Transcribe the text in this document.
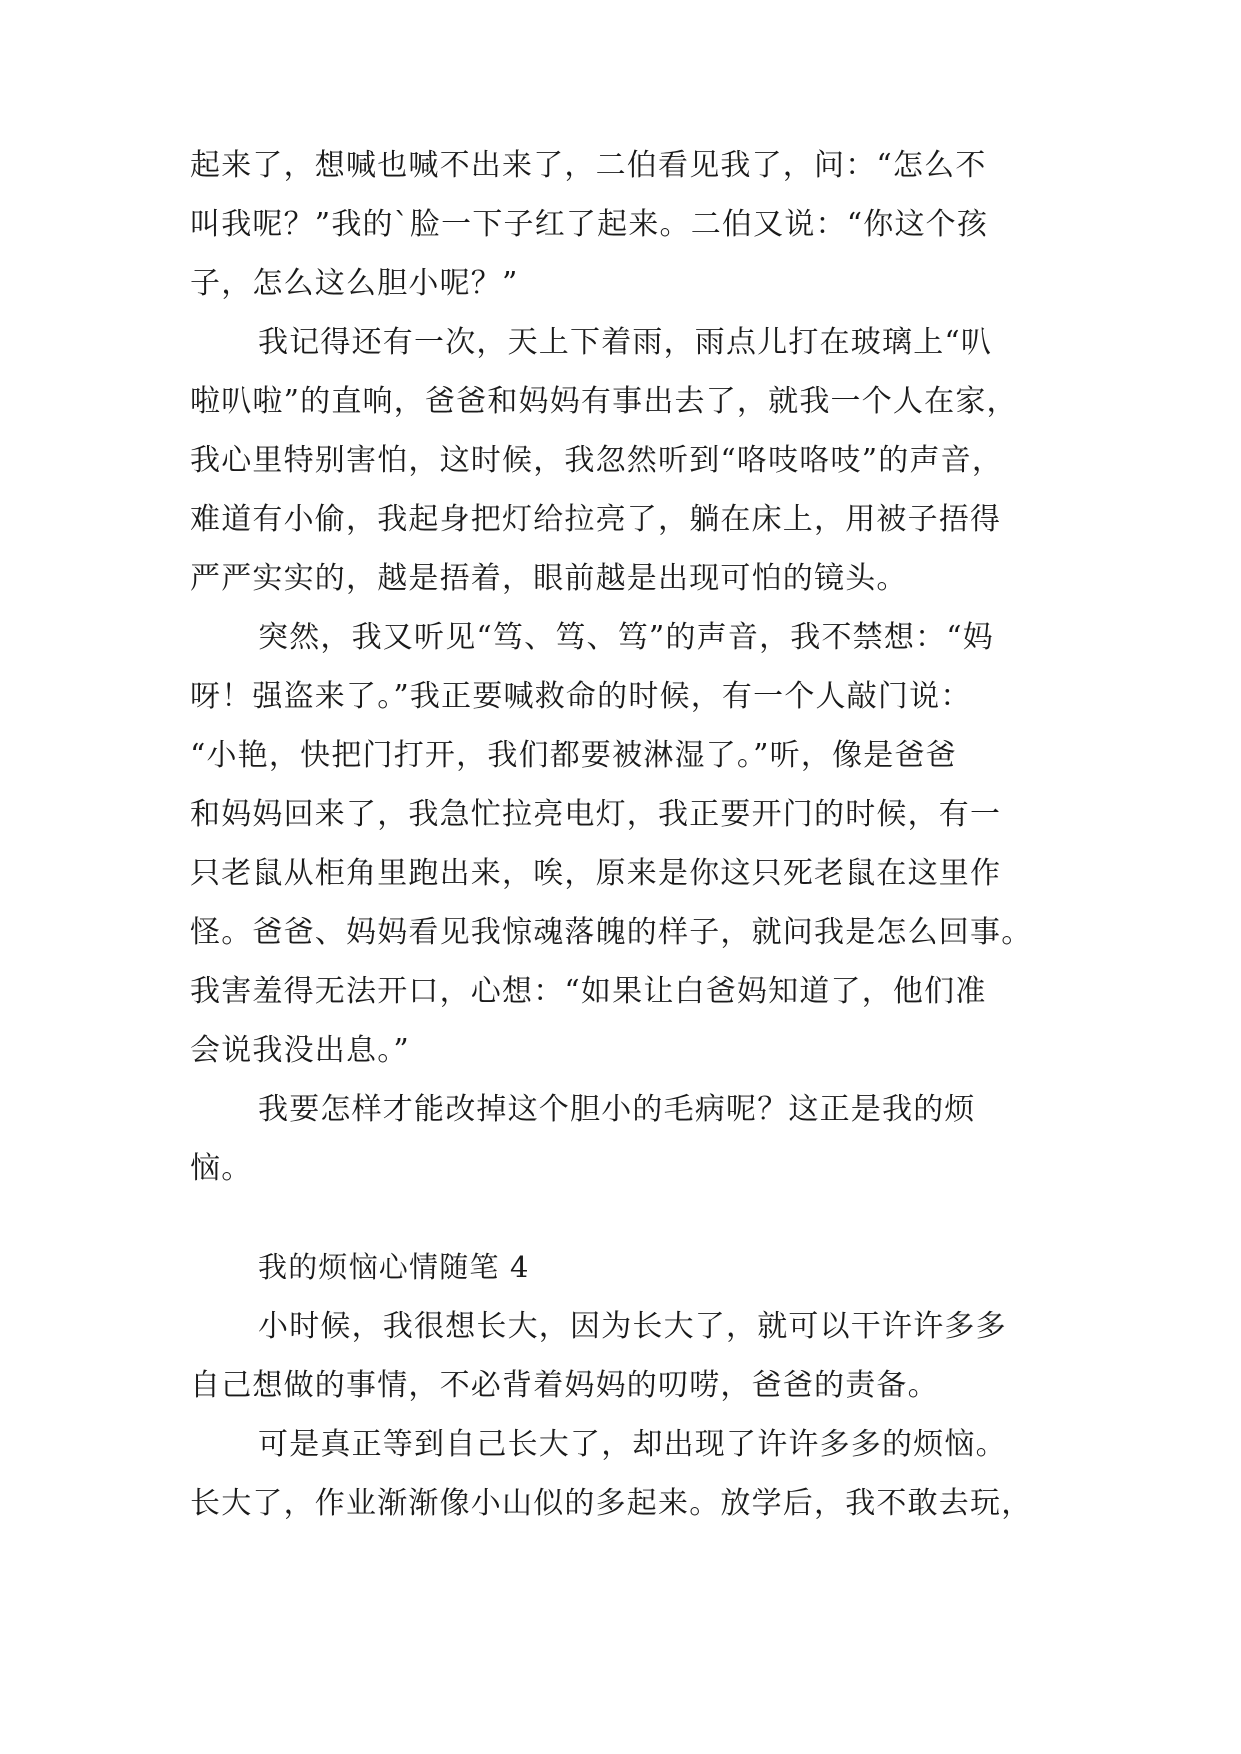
起来了，想喊也喊不出来了，二伯看见我了，问：“怎么不
叫我呢？”我的`脸一下子红了起来。二伯又说：“你这个孩
子，怎么这么胆小呢？”
我记得还有一次，天上下着雨，雨点儿打在玻璃上“叭
啦叭啦”的直响，爸爸和妈妈有事出去了，就我一个人在家，
我心里特别害怕，这时候，我忽然听到“咯吱咯吱”的声音，
难道有小偷，我起身把灯给拉亮了，躺在床上，用被子捂得
严严实实的，越是捂着，眼前越是出现可怕的镜头。
突然，我又听见“笃、笃、笃”的声音，我不禁想：“妈
呀！强盗来了。”我正要喊救命的时候，有一个人敲门说：
“小艳，快把门打开，我们都要被淋湿了。”听，像是爸爸
和妈妈回来了，我急忙拉亮电灯，我正要开门的时候，有一
只老鼠从柜角里跑出来，唉，原来是你这只死老鼠在这里作
怪。爸爸、妈妈看见我惊魂落魄的样子，就问我是怎么回事。
我害羞得无法开口，心想：“如果让白爸妈知道了，他们准
会说我没出息。”
我要怎样才能改掉这个胆小的毛病呢？这正是我的烦
恼。
我的烦恼心情随笔 4
小时候，我很想长大，因为长大了，就可以干许许多多
自己想做的事情，不必背着妈妈的叨唠，爸爸的责备。
可是真正等到自己长大了，却出现了许许多多的烦恼。
长大了，作业渐渐像小山似的多起来。放学后，我不敢去玩，
